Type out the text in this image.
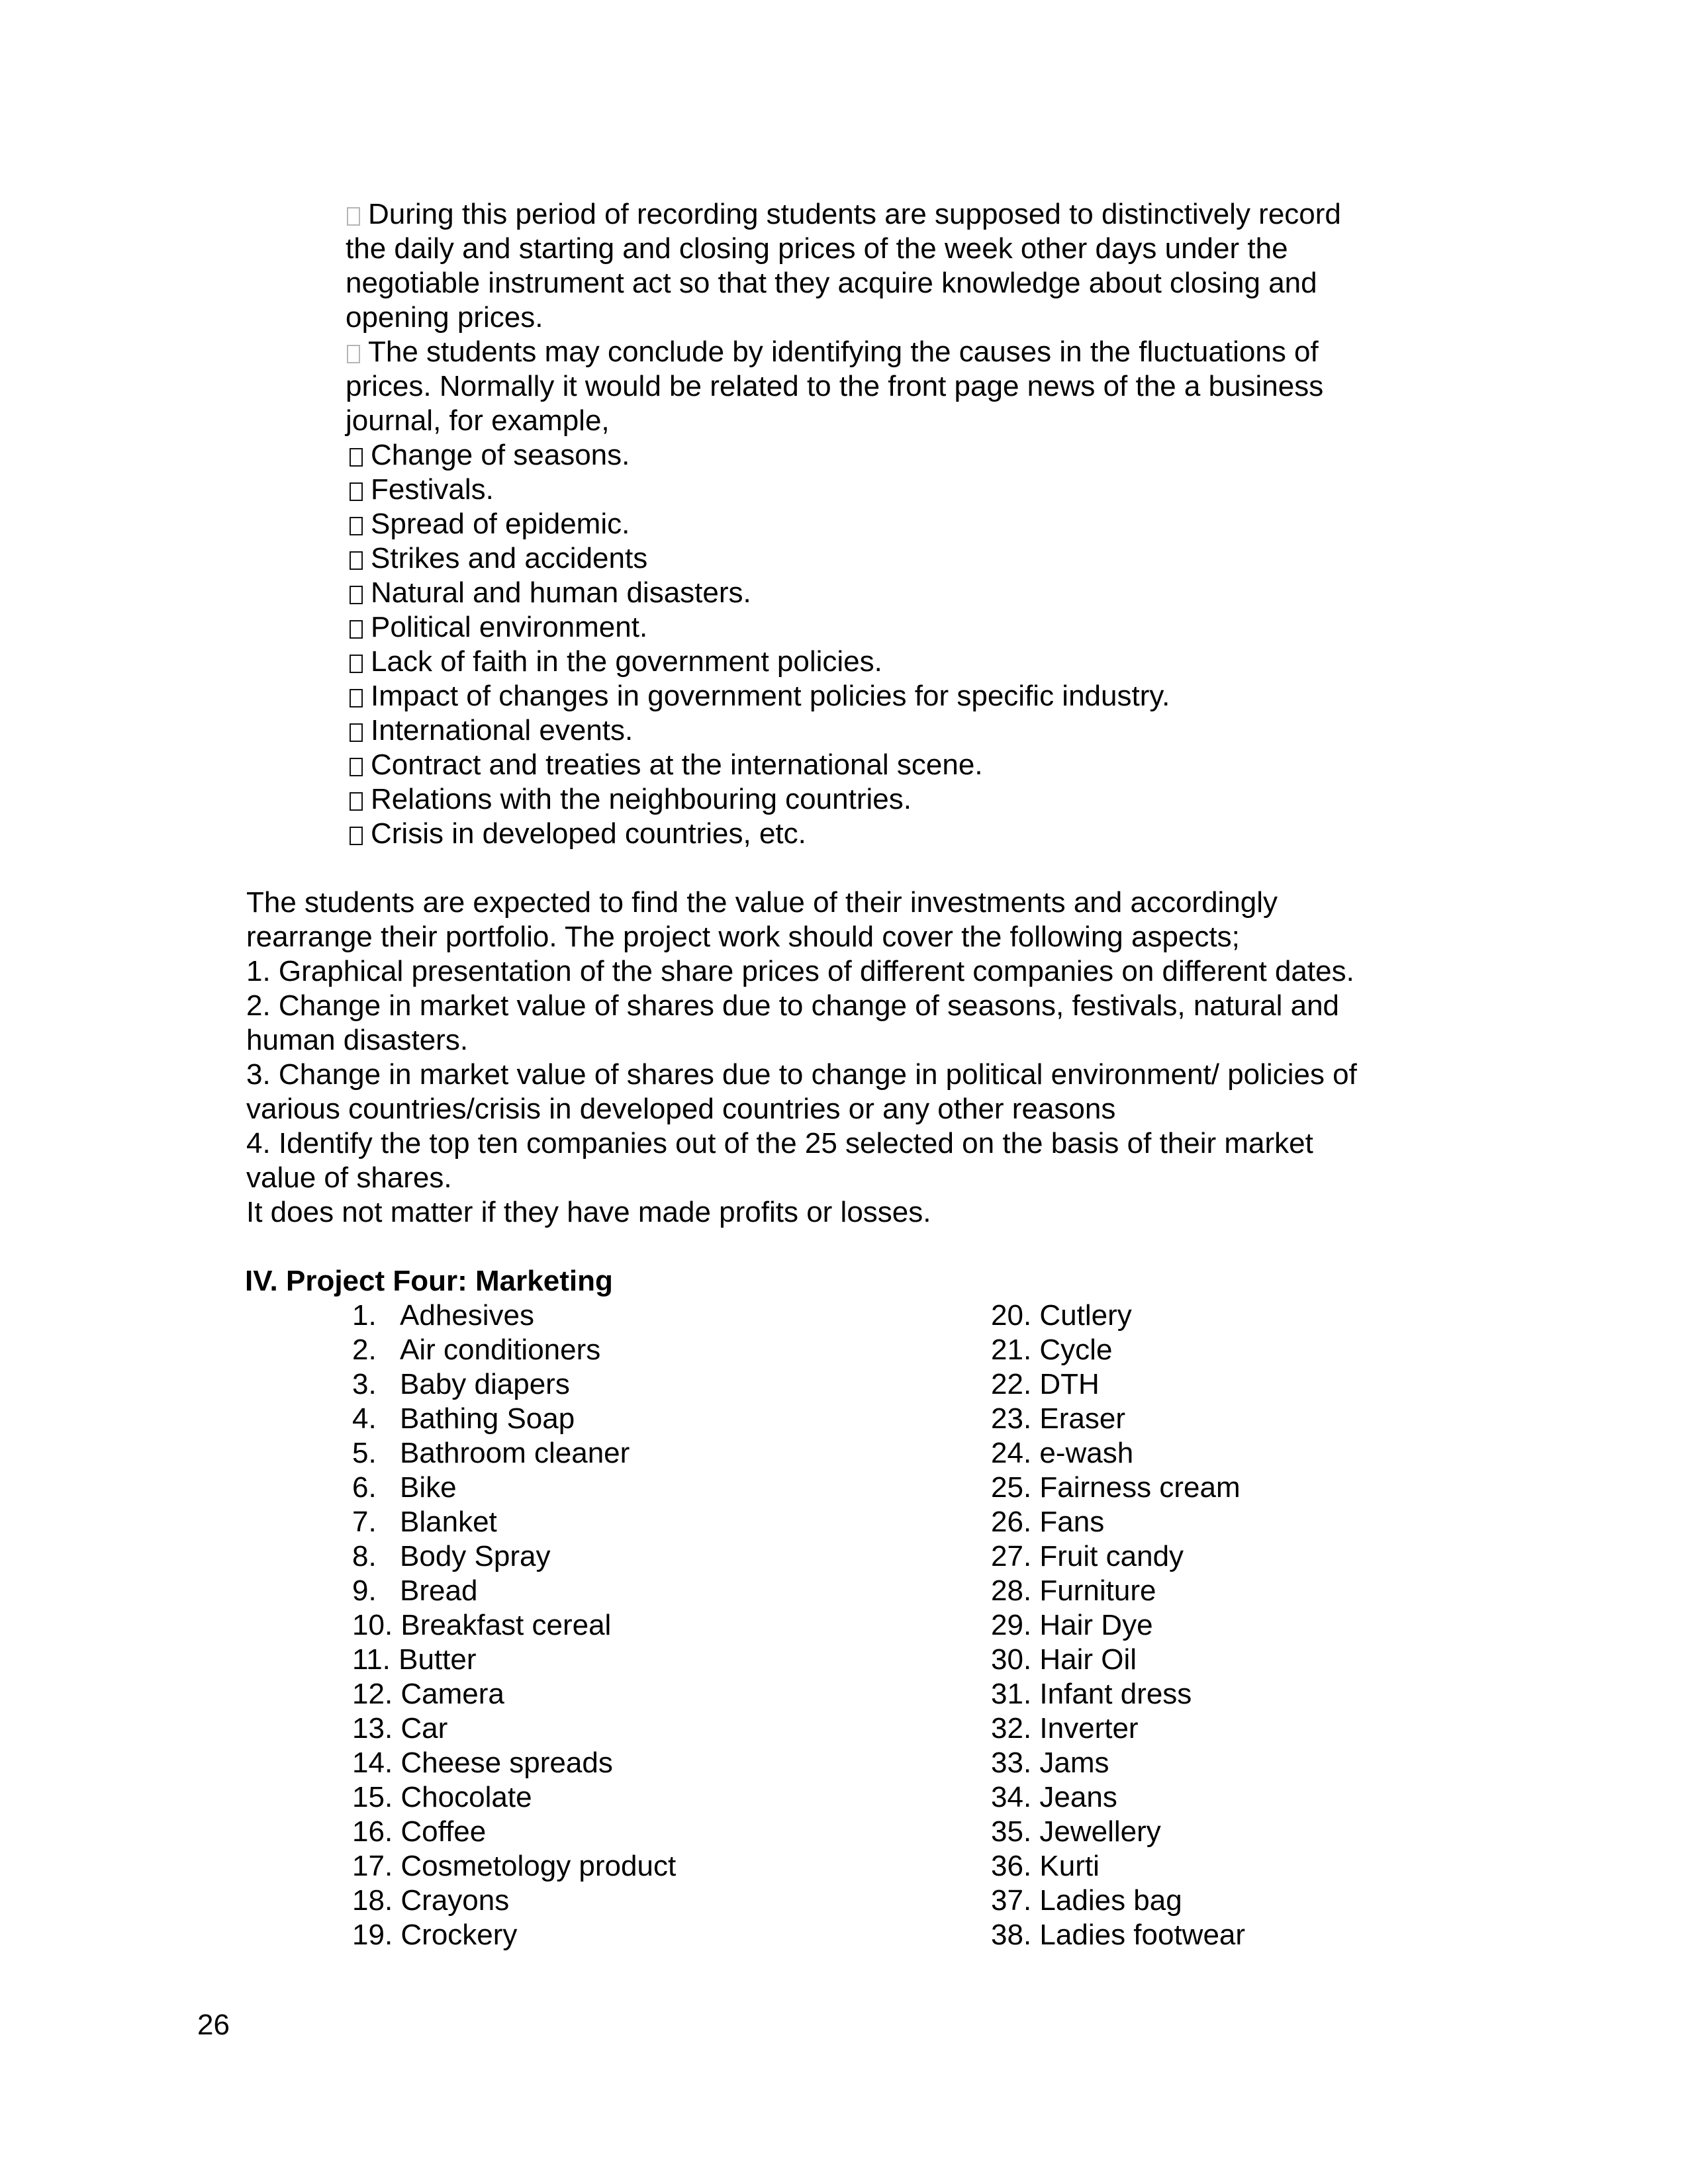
During this period of recording students are supposed to distinctively record
the daily and starting and closing prices of the week other days under the
negotiable instrument act so that they acquire knowledge about closing and
opening prices.
The students may conclude by identifying the causes in the fluctuations of
prices. Normally it would be related to the front page news of the a business
journal, for example,
Change of seasons.
Festivals.
Spread of epidemic.
Strikes and accidents
Natural and human disasters.
Political environment.
Lack of faith in the government policies.
Impact of changes in government policies for specific industry.
International events.
Contract and treaties at the international scene.
Relations with the neighbouring countries.
Crisis in developed countries, etc.
The students are expected to find the value of their investments and accordingly
rearrange their portfolio. The project work should cover the following aspects;
1. Graphical presentation of the share prices of different companies on different dates.
2. Change in market value of shares due to change of seasons, festivals, natural and
human disasters.
3. Change in market value of shares due to change in political environment/ policies of
various countries/crisis in developed countries or any other reasons
4. Identify the top ten companies out of the 25 selected on the basis of their market
value of shares.
It does not matter if they have made profits or losses.
IV. Project Four: Marketing
1. Adhesives
2. Air conditioners
3. Baby diapers
4. Bathing Soap
5. Bathroom cleaner
6. Bike
7. Blanket
8. Body Spray
9. Bread
10. Breakfast cereal
11. Butter
12. Camera
13. Car
14. Cheese spreads
15. Chocolate
16. Coffee
17. Cosmetology product
18. Crayons
19. Crockery
20. Cutlery
21. Cycle
22. DTH
23. Eraser
24. e-wash
25. Fairness cream
26. Fans
27. Fruit candy
28. Furniture
29. Hair Dye
30. Hair Oil
31. Infant dress
32. Inverter
33. Jams
34. Jeans
35. Jewellery
36. Kurti
37. Ladies bag
38. Ladies footwear
26
